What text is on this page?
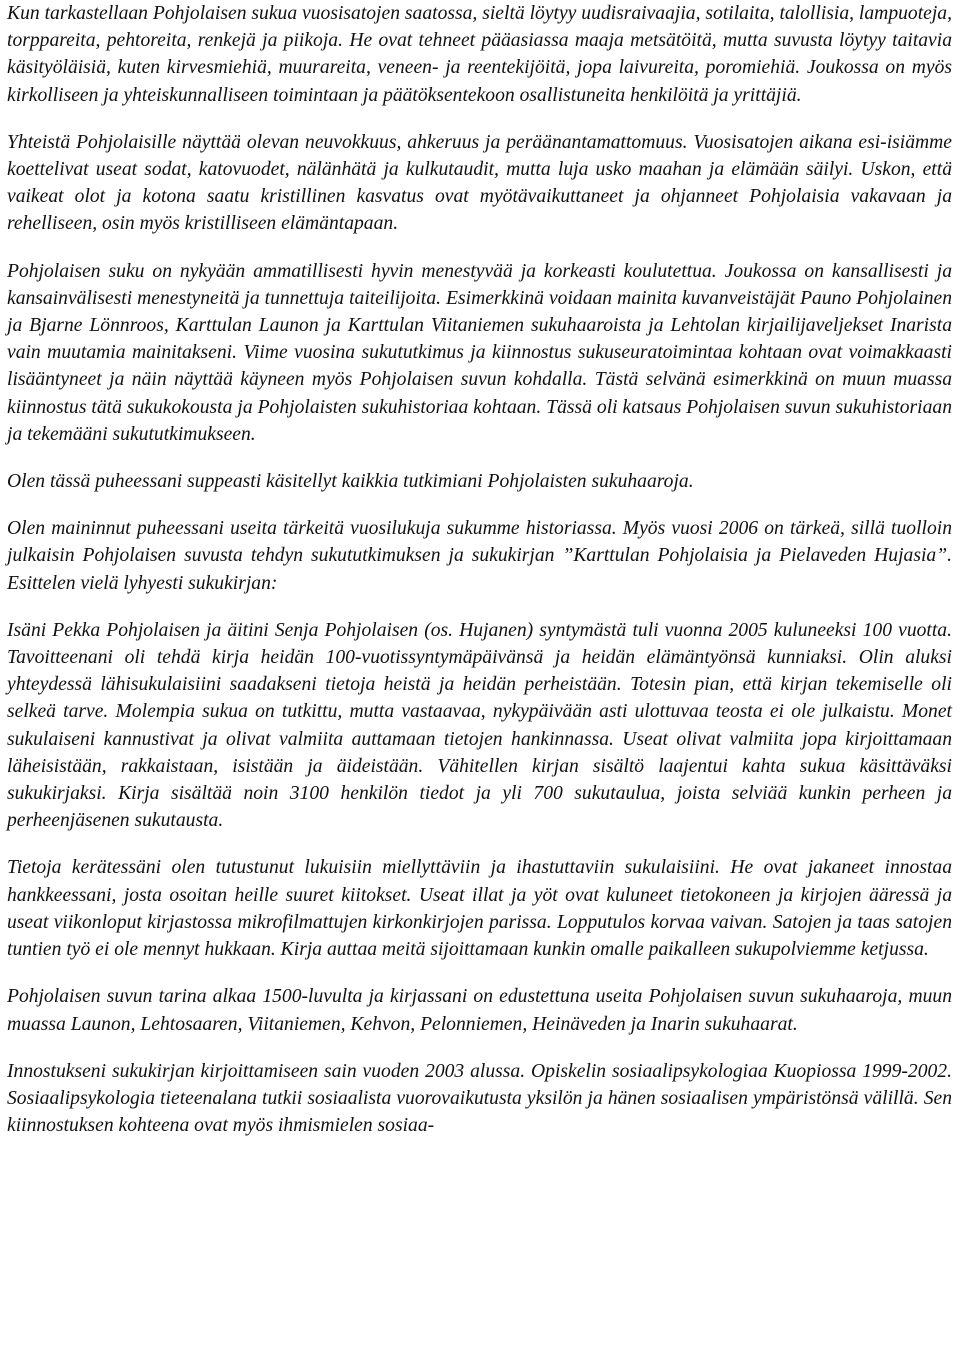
Kun tarkastellaan Pohjolaisen sukua vuosisatojen saatossa, sieltä löytyy uudisraivaajia, sotilaita, talollisia, lampuoteja, torppareita, pehtoreita, renkejä ja piikoja. He ovat tehneet pääasiassa maaja metsätöitä, mutta suvusta löytyy taitavia käsityöläisiä, kuten kirvesmiehiä, muurareita, veneen- ja reentekijöitä, jopa laivureita, poromiehiä. Joukossa on myös kirkolliseen ja yhteiskunnalliseen toimintaan ja päätöksentekoon osallistuneita henkilöitä ja yrittäjiä.

Yhteistä Pohjolaisille näyttää olevan neuvokkuus, ahkeruus ja peräänantamattomuus. Vuosisatojen aikana esi-isiämme koettelivat useat sodat, katovuodet, nälänhätä ja kulkutaudit, mutta luja usko maahan ja elämään säilyi. Uskon, että vaikeat olot ja kotona saatu kristillinen kasvatus ovat myötävaikuttaneet ja ohjanneet Pohjolaisia vakavaan ja rehelliseen, osin myös kristilliseen elämäntapaan.

Pohjolaisen suku on nykyään ammatillisesti hyvin menestyvää ja korkeasti koulutettua. Joukossa on kansallisesti ja kansainvälisesti menestyneitä ja tunnettuja taiteilijoita. Esimerkkinä voidaan mainita kuvanveistäjät Pauno Pohjolainen ja Bjarne Lönnroos, Karttulan Launon ja Karttulan Viitaniemen sukuhaaroista ja Lehtolan kirjailijaveljekset Inarista vain muutamia mainitakseni. Viime vuosina sukututkimus ja kiinnostus sukuseuratoimintaa kohtaan ovat voimakkaasti lisääntyneet ja näin näyttää käyneen myös Pohjolaisen suvun kohdalla. Tästä selvänä esimerkkinä on muun muassa kiinnostus tätä sukukokousta ja Pohjolaisten sukuhistoriaa kohtaan. Tässä oli katsaus Pohjolaisen suvun sukuhistoriaan ja tekemääni sukututkimukseen.

Olen tässä puheessani suppeasti käsitellyt kaikkia tutkimiani Pohjolaisten sukuhaaroja.

Olen maininnut puheessani useita tärkeitä vuosilukuja sukumme historiassa. Myös vuosi 2006 on tärkeä, sillä tuolloin julkaisin Pohjolaisen suvusta tehdyn sukututkimuksen ja sukukirjan ”Karttulan Pohjolaisia ja Pielaveden Hujasia”. Esittelen vielä lyhyesti sukukirjan:

Isäni Pekka Pohjolaisen ja äitini Senja Pohjolaisen (os. Hujanen) syntymästä tuli vuonna 2005 kuluneeksi 100 vuotta. Tavoitteenani oli tehdä kirja heidän 100-vuotissyntymäpäivänsä ja heidän elämäntyönsä kunniaksi. Olin aluksi yhteydessä lähisukulaisiini saadakseni tietoja heistä ja heidän perheistään. Totesin pian, että kirjan tekemiselle oli selkeä tarve. Molempia sukua on tutkittu, mutta vastaavaa, nykypäivään asti ulottuvaa teosta ei ole julkaistu. Monet sukulaiseni kannustivat ja olivat valmiita auttamaan tietojen hankinnassa. Useat olivat valmiita jopa kirjoittamaan läheisistään, rakkaistaan, isistään ja äideistään. Vähitellen kirjan sisältö laajentui kahta sukua käsittäväksi sukukirjaksi. Kirja sisältää noin 3100 henkilön tiedot ja yli 700 sukutaulua, joista selviää kunkin perheen ja perheenjäsenen sukutausta.

Tietoja kerätessäni olen tutustunut lukuisiin miellyttäviin ja ihastuttaviin sukulaisiini. He ovat jakaneet innostaa hankkeessani, josta osoitan heille suuret kiitokset. Useat illat ja yöt ovat kuluneet tietokoneen ja kirjojen ääressä ja useat viikonloput kirjastossa mikrofilmattujen kirkonkirjojen parissa. Lopputulos korvaa vaivan. Satojen ja taas satojen tuntien työ ei ole mennyt hukkaan. Kirja auttaa meitä sijoittamaan kunkin omalle paikalleen sukupolviemme ketjussa.

Pohjolaisen suvun tarina alkaa 1500-luvulta ja kirjassani on edustettuna useita Pohjolaisen suvun sukuhaaroja, muun muassa Launon, Lehtosaaren, Viitaniemen, Kehvon, Pelonniemen, Heinäveden ja Inarin sukuhaarat.

Innostukseni sukukirjan kirjoittamiseen sain vuoden 2003 alussa. Opiskelin sosiaalipsykologiaa Kuopiossa 1999-2002. Sosiaalipsykologia tieteenalana tutkii sosiaalista vuorovaikutusta yksilön ja hänen sosiaalisen ympäristönsä välillä. Sen kiinnostuksen kohteena ovat myös ihmismielen sosiaa-
